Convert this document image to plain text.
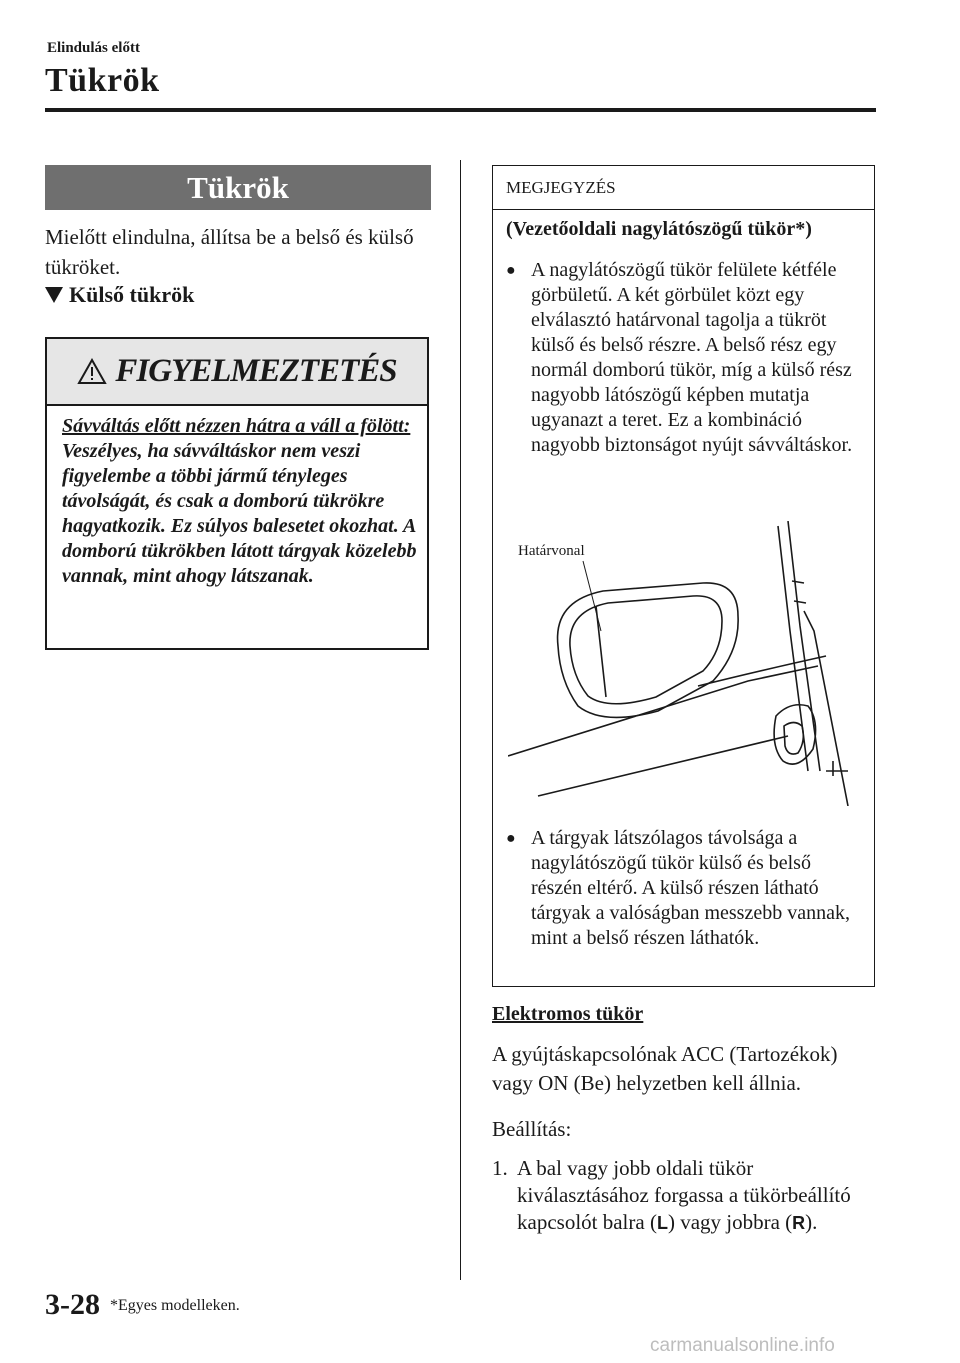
Elindulás előtt
Tükrök
Tükrök
Mielőtt elindulna, állítsa be a belső és külső tükröket.
Külső tükrök
FIGYELMEZTETÉS
Sávváltás előtt nézzen hátra a váll a fölött:
Veszélyes, ha sávváltáskor nem veszi figyelembe a többi jármű tényleges távolságát, és csak a domború tükrökre hagyatkozik. Ez súlyos balesetet okozhat. A domború tükrökben látott tárgyak közelebb vannak, mint ahogy látszanak.
MEGJEGYZÉS
(Vezetőoldali nagylátószögű tükör*)
● A nagylátószögű tükör felülete kétféle görbületű. A két görbület közt egy elválasztó határvonal tagolja a tükröt külső és belső részre. A belső rész egy normál domború tükör, míg a külső rész nagyobb látószögű képben mutatja ugyanazt a teret. Ez a kombináció nagyobb biztonságot nyújt sávváltáskor.
Határvonal
● A tárgyak látszólagos távolsága a nagylátószögű tükör külső és belső részén eltérő. A külső részen látható tárgyak a valóságban messzebb vannak, mint a belső részen láthatók.
Elektromos tükör
A gyújtáskapcsolónak ACC (Tartozékok) vagy ON (Be) helyzetben kell állnia.
Beállítás:
1. A bal vagy jobb oldali tükör kiválasztásához forgassa a tükörbeállító kapcsolót balra (L) vagy jobbra (R).
3-28 *Egyes modelleken.
carmanualsonline.info
